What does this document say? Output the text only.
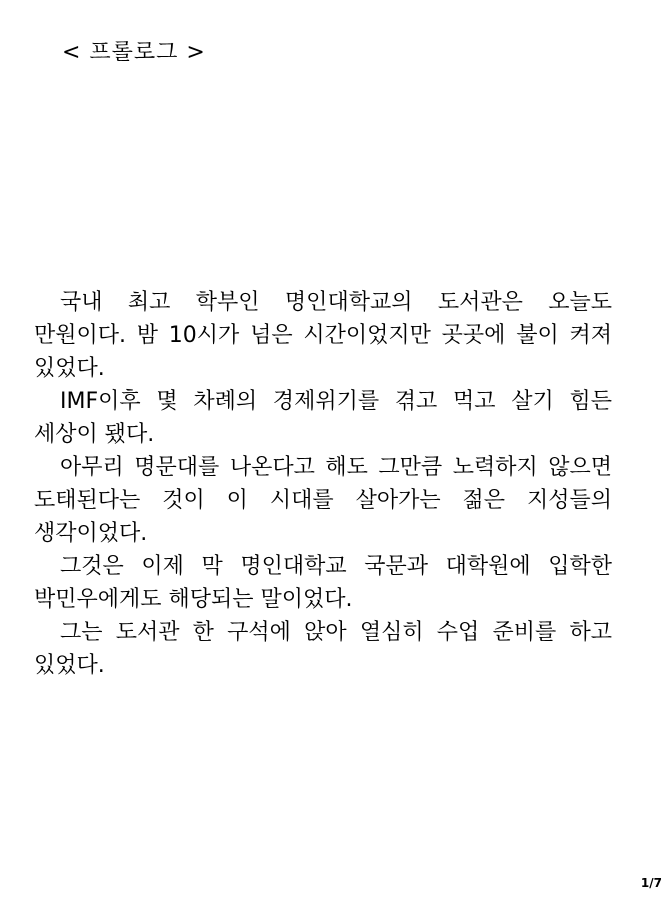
< 프롤로그 >

국내 최고 학부인 명인대학교의 도서관은 오늘도 만원이다. 밤 10시가 넘은 시간이었지만 곳곳에 불이 켜져 있었다.

IMF이후 몇 차례의 경제위기를 겪고 먹고 살기 힘든 세상이 됐다.

아무리 명문대를 나온다고 해도 그만큼 노력하지 않으면 도태된다는 것이 이 시대를 살아가는 젊은 지성들의 생각이었다.

그것은 이제 막 명인대학교 국문과 대학원에 입학한 박민우에게도 해당되는 말이었다.

그는 도서관 한 구석에 앉아 열심히 수업 준비를 하고 있었다.

1/7
